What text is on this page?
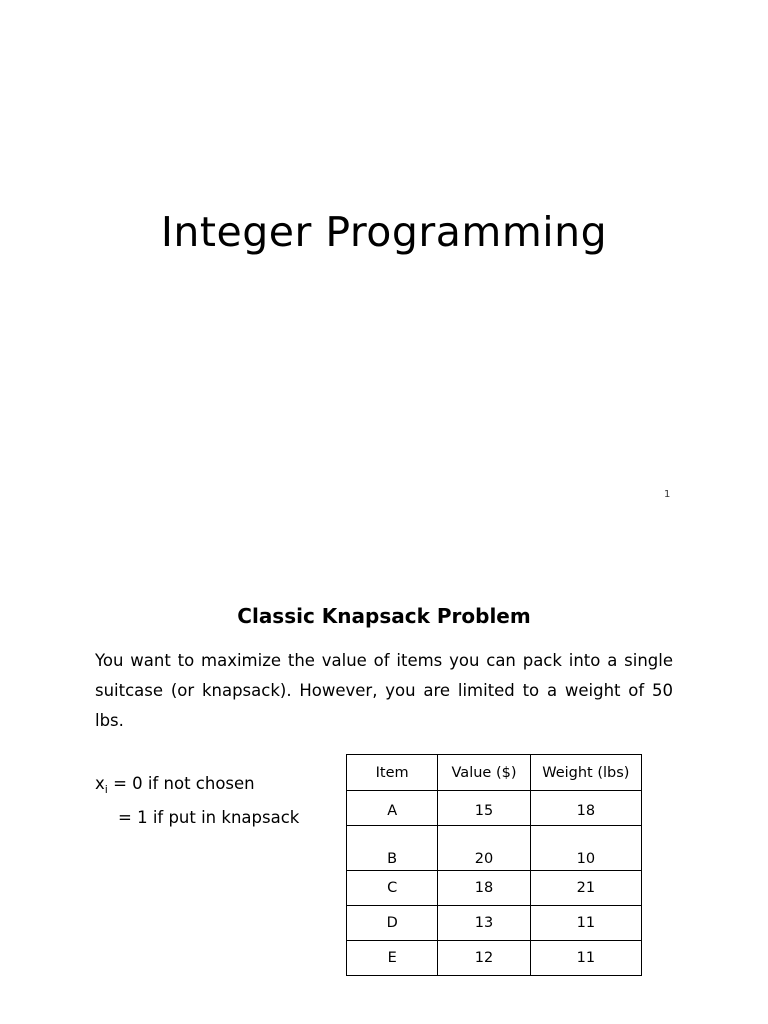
Integer Programming
1
Classic Knapsack Problem

You want to maximize the value of items you can pack into a single suitcase (or knapsack). However, you are limited to a weight of 50 lbs.

$x_i = 0$ if not chosen
= 1 if put in knapsack
Item	Value ($)	Weight (lbs)
A	15	18
B	20	10
C	18	21
D	13	11
E	12	11
